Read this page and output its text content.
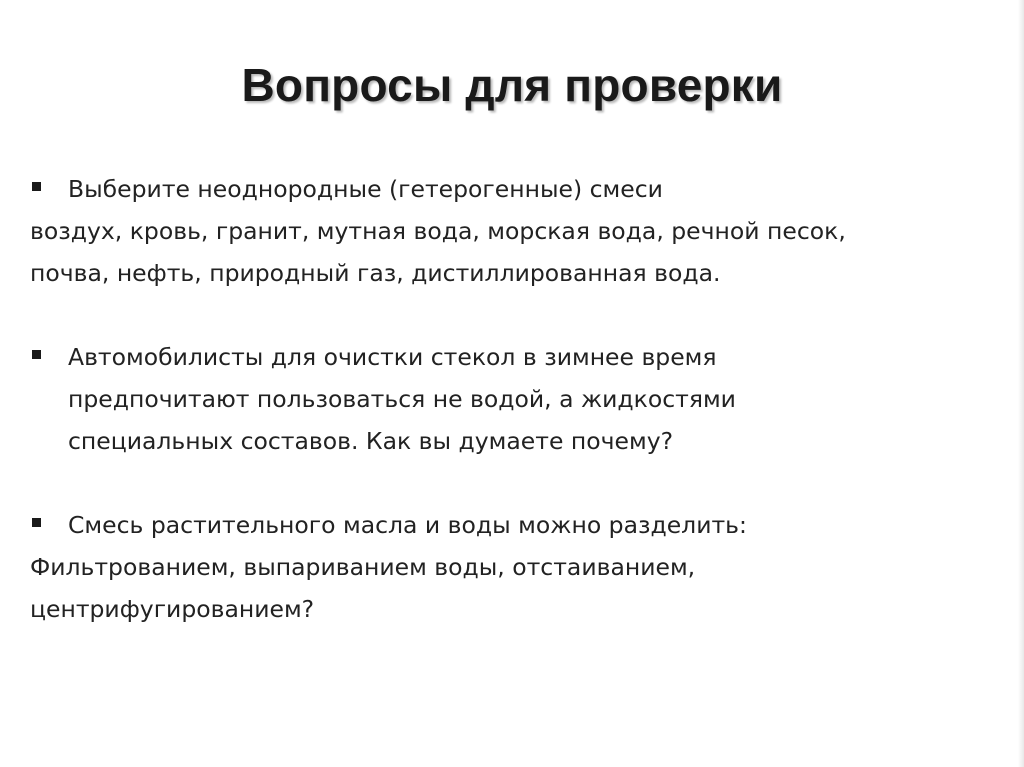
Вопросы для проверки
Выберите неоднородные (гетерогенные) смеси
воздух, кровь, гранит, мутная вода, морская вода, речной песок,
почва, нефть, природный газ, дистиллированная вода.
Автомобилисты для очистки стекол в зимнее время
предпочитают пользоваться не водой, а жидкостями
специальных составов. Как вы думаете почему?
Смесь растительного масла и воды можно разделить:
Фильтрованием, выпариванием воды, отстаиванием,
центрифугированием?
